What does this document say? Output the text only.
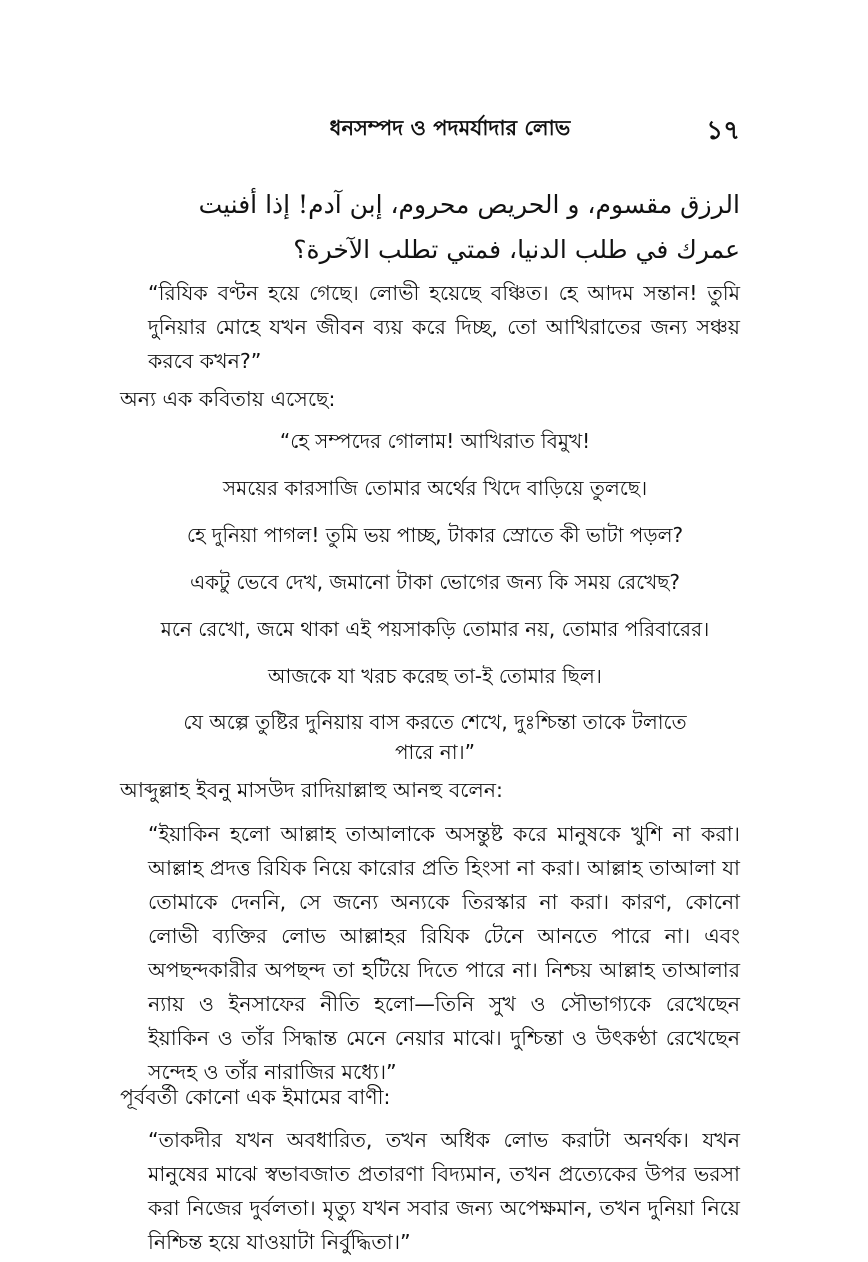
ধনসম্পদ ও পদমর্যাদার লোভ	১৭
الرزق مقسوم، و الحريص محروم، إبن آدم! إذا أفنيت عمرك في طلب الدنيا، فمتي تطلب الآخرة؟
“রিযিক বণ্টন হয়ে গেছে। লোভী হয়েছে বঞ্চিত। হে আদম সন্তান! তুমি দুনিয়ার মোহে যখন জীবন ব্যয় করে দিচ্ছ, তো আখিরাতের জন্য সঞ্চয় করবে কখন?”
অন্য এক কবিতায় এসেছে:
“হে সম্পদের গোলাম! আখিরাত বিমুখ!
সময়ের কারসাজি তোমার অর্থের খিদে বাড়িয়ে তুলছে।
হে দুনিয়া পাগল! তুমি ভয় পাচ্ছ, টাকার স্রোতে কী ভাটা পড়ল?
একটু ভেবে দেখ, জমানো টাকা ভোগের জন্য কি সময় রেখেছ?
মনে রেখো, জমে থাকা এই পয়সাকড়ি তোমার নয়, তোমার পরিবারের।
আজকে যা খরচ করেছ তা-ই তোমার ছিল।
যে অল্পে তুষ্টির দুনিয়ায় বাস করতে শেখে, দুঃশ্চিন্তা তাকে টলাতে পারে না।”
আব্দুল্লাহ ইবনু মাসউদ রাদিয়াল্লাহু আনহু বলেন:
“ইয়াকিন হলো আল্লাহ তাআলাকে অসন্তুষ্ট করে মানুষকে খুশি না করা। আল্লাহ প্রদত্ত রিযিক নিয়ে কারোর প্রতি হিংসা না করা। আল্লাহ তাআলা যা তোমাকে দেননি, সে জন্যে অন্যকে তিরস্কার না করা। কারণ, কোনো লোভী ব্যক্তির লোভ আল্লাহর রিযিক টেনে আনতে পারে না। এবং অপছন্দকারীর অপছন্দ তা হটিয়ে দিতে পারে না। নিশ্চয় আল্লাহ তাআলার ন্যায় ও ইনসাফের নীতি হলো—তিনি সুখ ও সৌভাগ্যকে রেখেছেন ইয়াকিন ও তাঁর সিদ্ধান্ত মেনে নেয়ার মাঝে। দুশ্চিন্তা ও উৎকণ্ঠা রেখেছেন সন্দেহ ও তাঁর নারাজির মধ্যে।”
পূর্ববর্তী কোনো এক ইমামের বাণী:
“তাকদীর যখন অবধারিত, তখন অধিক লোভ করাটা অনর্থক। যখন মানুষের মাঝে স্বভাবজাত প্রতারণা বিদ্যমান, তখন প্রত্যেকের উপর ভরসা করা নিজের দুর্বলতা। মৃত্যু যখন সবার জন্য অপেক্ষমান, তখন দুনিয়া নিয়ে নিশ্চিন্ত হয়ে যাওয়াটা নির্বুদ্ধিতা।”
